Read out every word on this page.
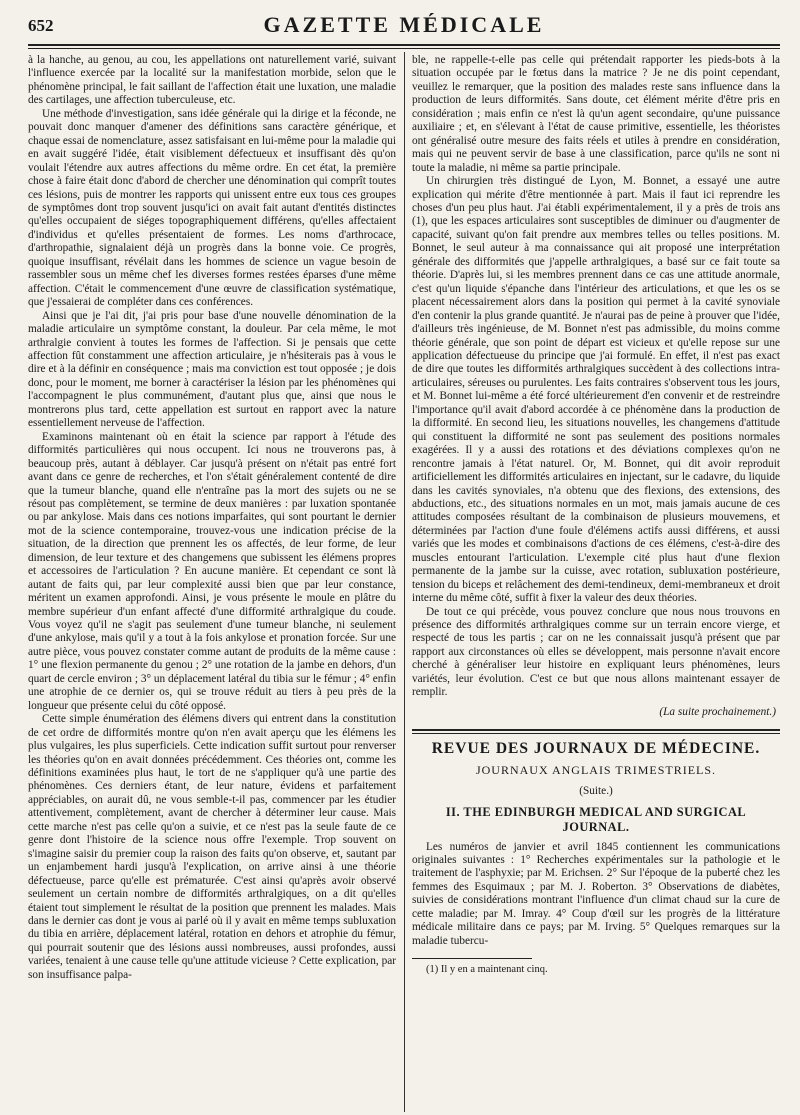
652	GAZETTE MÉDICALE

à la hanche, au genou, au cou, les appellations ont naturellement varié, suivant l'influence exercée par la localité sur la manifestation morbide, selon que le phénomène principal, le fait saillant de l'affection était une luxation, une maladie des cartilages, une affection tuberculeuse, etc.

Une méthode d'investigation, sans idée générale qui la dirige et la féconde, ne pouvait donc manquer d'amener des définitions sans caractère générique, et chaque essai de nomenclature, assez satisfaisant en lui-même pour la maladie qui en avait suggéré l'idée, était visiblement défectueux et insuffisant dès qu'on voulait l'étendre aux autres affections du même ordre. En cet état, la première chose à faire était donc d'abord de chercher une dénomination qui comprît toutes ces lésions, puis de montrer les rapports qui unissent entre eux tous ces groupes de symptômes dont trop souvent jusqu'ici on avait fait autant d'entités distinctes qu'elles occupaient de siéges topographiquement différens, qu'elles affectaient d'individus et qu'elles présentaient de formes. Les noms d'arthrocace, d'arthropathie, signalaient déjà un progrès dans la bonne voie. Ce progrès, quoique insuffisant, révélait dans les hommes de science un vague besoin de rassembler sous un même chef les diverses formes restées éparses d'une même affection. C'était le commencement d'une œuvre de classification systématique, que j'essaierai de compléter dans ces conférences.

Ainsi que je l'ai dit, j'ai pris pour base d'une nouvelle dénomination de la maladie articulaire un symptôme constant, la douleur. Par cela même, le mot arthralgie convient à toutes les formes de l'affection. Si je pensais que cette affection fût constamment une affection articulaire, je n'hésiterais pas à vous le dire et à la définir en conséquence ; mais ma conviction est tout opposée ; je dois donc, pour le moment, me borner à caractériser la lésion par les phénomènes qui l'accompagnent le plus communément, d'autant plus que, ainsi que nous le montrerons plus tard, cette appellation est surtout en rapport avec la nature essentiellement nerveuse de l'affection.

Examinons maintenant où en était la science par rapport à l'étude des difformités particulières qui nous occupent. Ici nous ne trouverons pas, à beaucoup près, autant à déblayer. Car jusqu'à présent on n'était pas entré fort avant dans ce genre de recherches, et l'on s'était généralement contenté de dire que la tumeur blanche, quand elle n'entraîne pas la mort des sujets ou ne se résout pas complètement, se termine de deux manières : par luxation spontanée ou par ankylose. Mais dans ces notions imparfaites, qui sont pourtant le dernier mot de la science contemporaine, trouvez-vous une indication précise de la situation, de la direction que prennent les os affectés, de leur forme, de leur dimension, de leur texture et des changemens que subissent les élémens propres et accessoires de l'articulation ? En aucune manière. Et cependant ce sont là autant de faits qui, par leur complexité aussi bien que par leur constance, méritent un examen approfondi. Ainsi, je vous présente le moule en plâtre du membre supérieur d'un enfant affecté d'une difformité arthralgique du coude. Vous voyez qu'il ne s'agit pas seulement d'une tumeur blanche, ni seulement d'une ankylose, mais qu'il y a tout à la fois ankylose et pronation forcée. Sur une autre pièce, vous pouvez constater comme autant de produits de la même cause : 1° une flexion permanente du genou ; 2° une rotation de la jambe en dehors, d'un quart de cercle environ ; 3° un déplacement latéral du tibia sur le fémur ; 4° enfin une atrophie de ce dernier os, qui se trouve réduit au tiers à peu près de la longueur que présente celui du côté opposé.

Cette simple énumération des élémens divers qui entrent dans la constitution de cet ordre de difformités montre qu'on n'en avait aperçu que les élémens les plus vulgaires, les plus superficiels. Cette indication suffit surtout pour renverser les théories qu'on en avait données précédemment. Ces théories ont, comme les définitions examinées plus haut, le tort de ne s'appliquer qu'à une partie des phénomènes. Ces derniers étant, de leur nature, évidens et parfaitement appréciables, on aurait dû, ne vous semble-t-il pas, commencer par les étudier attentivement, complètement, avant de chercher à déterminer leur cause. Mais cette marche n'est pas celle qu'on a suivie, et ce n'est pas la seule faute de ce genre dont l'histoire de la science nous offre l'exemple. Trop souvent on s'imagine saisir du premier coup la raison des faits qu'on observe, et, sautant par un enjambement hardi jusqu'à l'explication, on arrive ainsi à une théorie défectueuse, parce qu'elle est prématurée. C'est ainsi qu'après avoir observé seulement un certain nombre de difformités arthralgiques, on a dit qu'elles étaient tout simplement le résultat de la position que prennent les malades. Mais dans le dernier cas dont je vous ai parlé où il y avait en même temps subluxation du tibia en arrière, déplacement latéral, rotation en dehors et atrophie du fémur, qui pourrait soutenir que des lésions aussi nombreuses, aussi profondes, aussi variées, tenaient à une cause telle qu'une attitude vicieuse ? Cette explication, par son insuffisance palpa-

ble, ne rappelle-t-elle pas celle qui prétendait rapporter les pieds-bots à la situation occupée par le fœtus dans la matrice ? Je ne dis point cependant, veuillez le remarquer, que la position des malades reste sans influence dans la production de leurs difformités. Sans doute, cet élément mérite d'être pris en considération ; mais enfin ce n'est là qu'un agent secondaire, qu'une puissance auxiliaire ; et, en s'élevant à l'état de cause primitive, essentielle, les théoristes ont généralisé outre mesure des faits réels et utiles à prendre en considération, mais qui ne peuvent servir de base à une classification, parce qu'ils ne sont ni toute la maladie, ni même sa partie principale.

Un chirurgien très distingué de Lyon, M. Bonnet, a essayé une autre explication qui mérite d'être mentionnée à part. Mais il faut ici reprendre les choses d'un peu plus haut. J'ai établi expérimentalement, il y a près de trois ans (1), que les espaces articulaires sont susceptibles de diminuer ou d'augmenter de capacité, suivant qu'on fait prendre aux membres telles ou telles positions. M. Bonnet, le seul auteur à ma connaissance qui ait proposé une interprétation générale des difformités que j'appelle arthralgiques, a basé sur ce fait toute sa théorie. D'après lui, si les membres prennent dans ce cas une attitude anormale, c'est qu'un liquide s'épanche dans l'intérieur des articulations, et que les os se placent nécessairement alors dans la position qui permet à la cavité synoviale d'en contenir la plus grande quantité. Je n'aurai pas de peine à prouver que l'idée, d'ailleurs très ingénieuse, de M. Bonnet n'est pas admissible, du moins comme théorie générale, que son point de départ est vicieux et qu'elle repose sur une application défectueuse du principe que j'ai formulé. En effet, il n'est pas exact de dire que toutes les difformités arthralgiques succèdent à des collections intra-articulaires, séreuses ou purulentes. Les faits contraires s'observent tous les jours, et M. Bonnet lui-même a été forcé ultérieurement d'en convenir et de restreindre l'importance qu'il avait d'abord accordée à ce phénomène dans la production de la difformité. En second lieu, les situations nouvelles, les changemens d'attitude qui constituent la difformité ne sont pas seulement des positions normales exagérées. Il y a aussi des rotations et des déviations complexes qu'on ne rencontre jamais à l'état naturel. Or, M. Bonnet, qui dit avoir reproduit artificiellement les difformités articulaires en injectant, sur le cadavre, du liquide dans les cavités synoviales, n'a obtenu que des flexions, des extensions, des abductions, etc., des situations normales en un mot, mais jamais aucune de ces attitudes composées résultant de la combinaison de plusieurs mouvemens, et déterminées par l'action d'une foule d'élémens actifs aussi différens, et aussi variés que les modes et combinaisons d'actions de ces élémens, c'est-à-dire des muscles entourant l'articulation. L'exemple cité plus haut d'une flexion permanente de la jambe sur la cuisse, avec rotation, subluxation postérieure, tension du biceps et relâchement des demi-tendineux, demi-membraneux et droit interne du même côté, suffit à fixer la valeur des deux théories.

De tout ce qui précède, vous pouvez conclure que nous nous trouvons en présence des difformités arthralgiques comme sur un terrain encore vierge, et respecté de tous les partis ; car on ne les connaissait jusqu'à présent que par rapport aux circonstances où elles se développent, mais personne n'avait encore cherché à généraliser leur histoire en expliquant leurs phénomènes, leurs variétés, leur évolution. C'est ce but que nous allons maintenant essayer de remplir.

(La suite prochainement.)

REVUE DES JOURNAUX DE MÉDECINE.
JOURNAUX ANGLAIS TRIMESTRIELS.
(Suite.)
II. THE EDINBURGH MEDICAL AND SURGICAL JOURNAL.

Les numéros de janvier et avril 1845 contiennent les communications originales suivantes : 1° Recherches expérimentales sur la pathologie et le traitement de l'asphyxie; par M. Erichsen. 2° Sur l'époque de la puberté chez les femmes des Esquimaux ; par M. J. Roberton. 3° Observations de diabètes, suivies de considérations montrant l'influence d'un climat chaud sur la cure de cette maladie; par M. Imray. 4° Coup d'œil sur les progrès de la littérature médicale militaire dans ce pays; par M. Irving. 5° Quelques remarques sur la maladie tubercu-

(1) Il y en a maintenant cinq.
